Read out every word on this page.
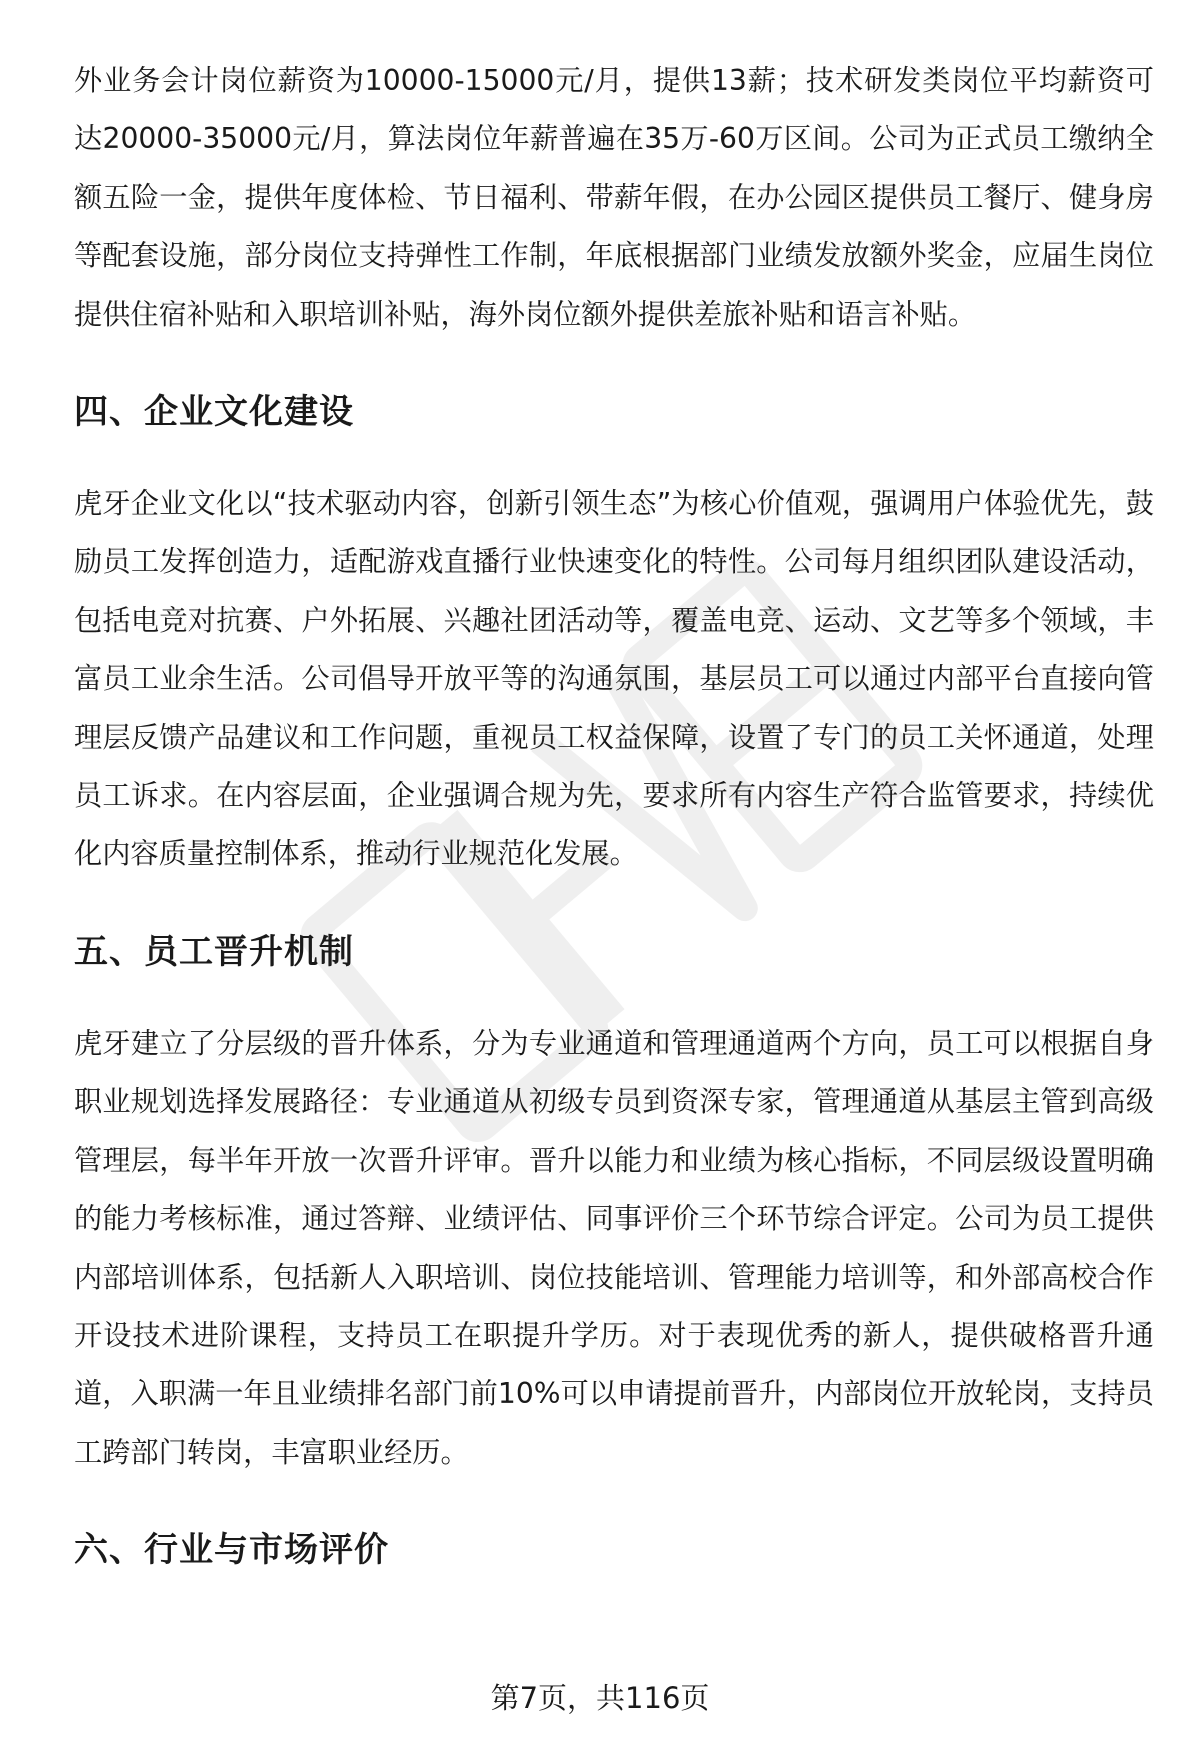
外业务会计岗位薪资为10000-15000元/月，提供13薪；技术研发类岗位平均薪资可达20000-35000元/月，算法岗位年薪普遍在35万-60万区间。公司为正式员工缴纳全额五险一金，提供年度体检、节日福利、带薪年假，在办公园区提供员工餐厅、健身房等配套设施，部分岗位支持弹性工作制，年底根据部门业绩发放额外奖金，应届生岗位提供住宿补贴和入职培训补贴，海外岗位额外提供差旅补贴和语言补贴。

四、企业文化建设

虎牙企业文化以“技术驱动内容，创新引领生态”为核心价值观，强调用户体验优先，鼓励员工发挥创造力，适配游戏直播行业快速变化的特性。公司每月组织团队建设活动，包括电竞对抗赛、户外拓展、兴趣社团活动等，覆盖电竞、运动、文艺等多个领域，丰富员工业余生活。公司倡导开放平等的沟通氛围，基层员工可以通过内部平台直接向管理层反馈产品建议和工作问题，重视员工权益保障，设置了专门的员工关怀通道，处理员工诉求。在内容层面，企业强调合规为先，要求所有内容生产符合监管要求，持续优化内容质量控制体系，推动行业规范化发展。

五、员工晋升机制

虎牙建立了分层级的晋升体系，分为专业通道和管理通道两个方向，员工可以根据自身职业规划选择发展路径：专业通道从初级专员到资深专家，管理通道从基层主管到高级管理层，每半年开放一次晋升评审。晋升以能力和业绩为核心指标，不同层级设置明确的能力考核标准，通过答辩、业绩评估、同事评价三个环节综合评定。公司为员工提供内部培训体系，包括新人入职培训、岗位技能培训、管理能力培训等，和外部高校合作开设技术进阶课程，支持员工在职提升学历。对于表现优秀的新人，提供破格晋升通道，入职满一年且业绩排名部门前10%可以申请提前晋升，内部岗位开放轮岗，支持员工跨部门转岗，丰富职业经历。

六、行业与市场评价
第7页，共116页
